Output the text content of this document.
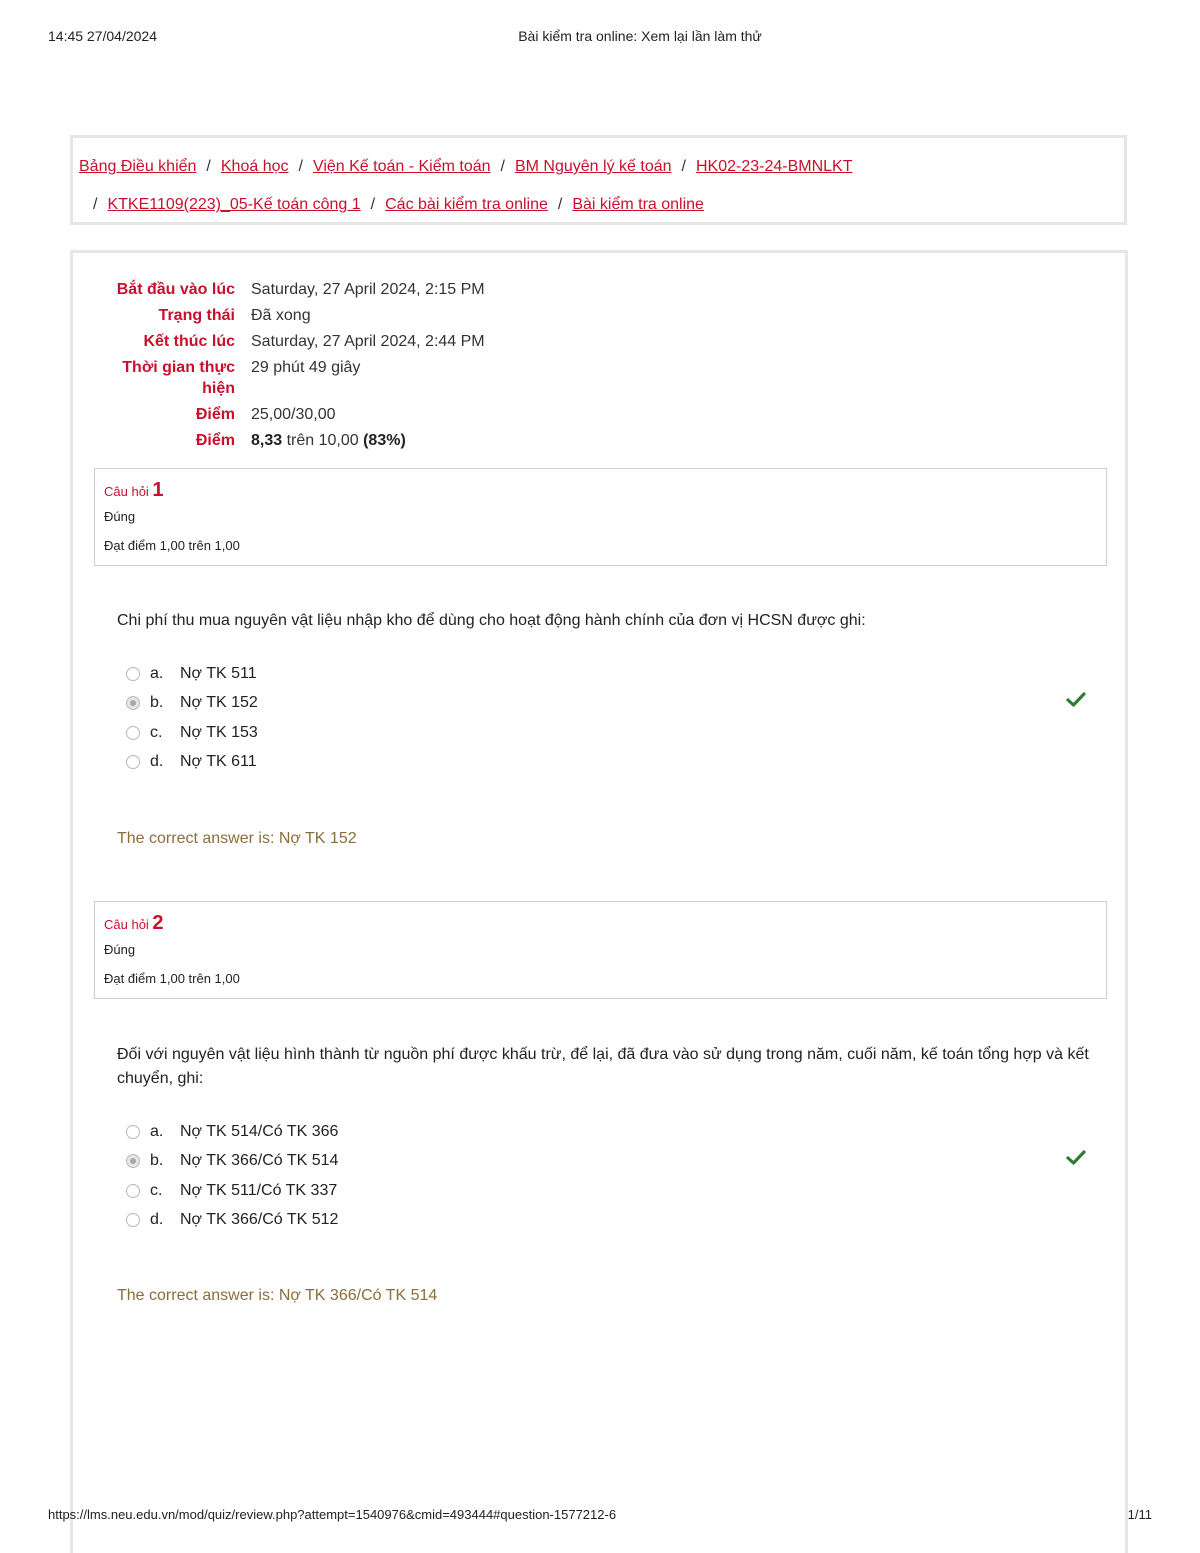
14:45 27/04/2024	Bài kiểm tra online: Xem lại lần làm thử
Bảng Điều khiển / Khoá học / Viện Kế toán - Kiểm toán / BM Nguyên lý kế toán / HK02-23-24-BMNLKT
/ KTKE1109(223)_05-Kế toán công 1 / Các bài kiểm tra online / Bài kiểm tra online
Bắt đầu vào lúc	Saturday, 27 April 2024, 2:15 PM
Trạng thái	Đã xong
Kết thúc lúc	Saturday, 27 April 2024, 2:44 PM
Thời gian thực hiện	29 phút 49 giây
Điểm	25,00/30,00
Điểm	8,33 trên 10,00 (83%)
Câu hỏi 1
Đúng
Đạt điểm 1,00 trên 1,00
Chi phí thu mua nguyên vật liệu nhập kho để dùng cho hoạt động hành chính của đơn vị HCSN được ghi:
a.	Nợ TK 511
b.	Nợ TK 152
c.	Nợ TK 153
d.	Nợ TK 611
The correct answer is: Nợ TK 152
Câu hỏi 2
Đúng
Đạt điểm 1,00 trên 1,00
Đối với nguyên vật liệu hình thành từ nguồn phí được khấu trừ, để lại, đã đưa vào sử dụng trong năm, cuối năm, kế toán tổng hợp và kết chuyển, ghi:
a.	Nợ TK 514/Có TK 366
b.	Nợ TK 366/Có TK 514
c.	Nợ TK 511/Có TK 337
d.	Nợ TK 366/Có TK 512
The correct answer is: Nợ TK 366/Có TK 514
https://lms.neu.edu.vn/mod/quiz/review.php?attempt=1540976&cmid=493444#question-1577212-6	1/11
